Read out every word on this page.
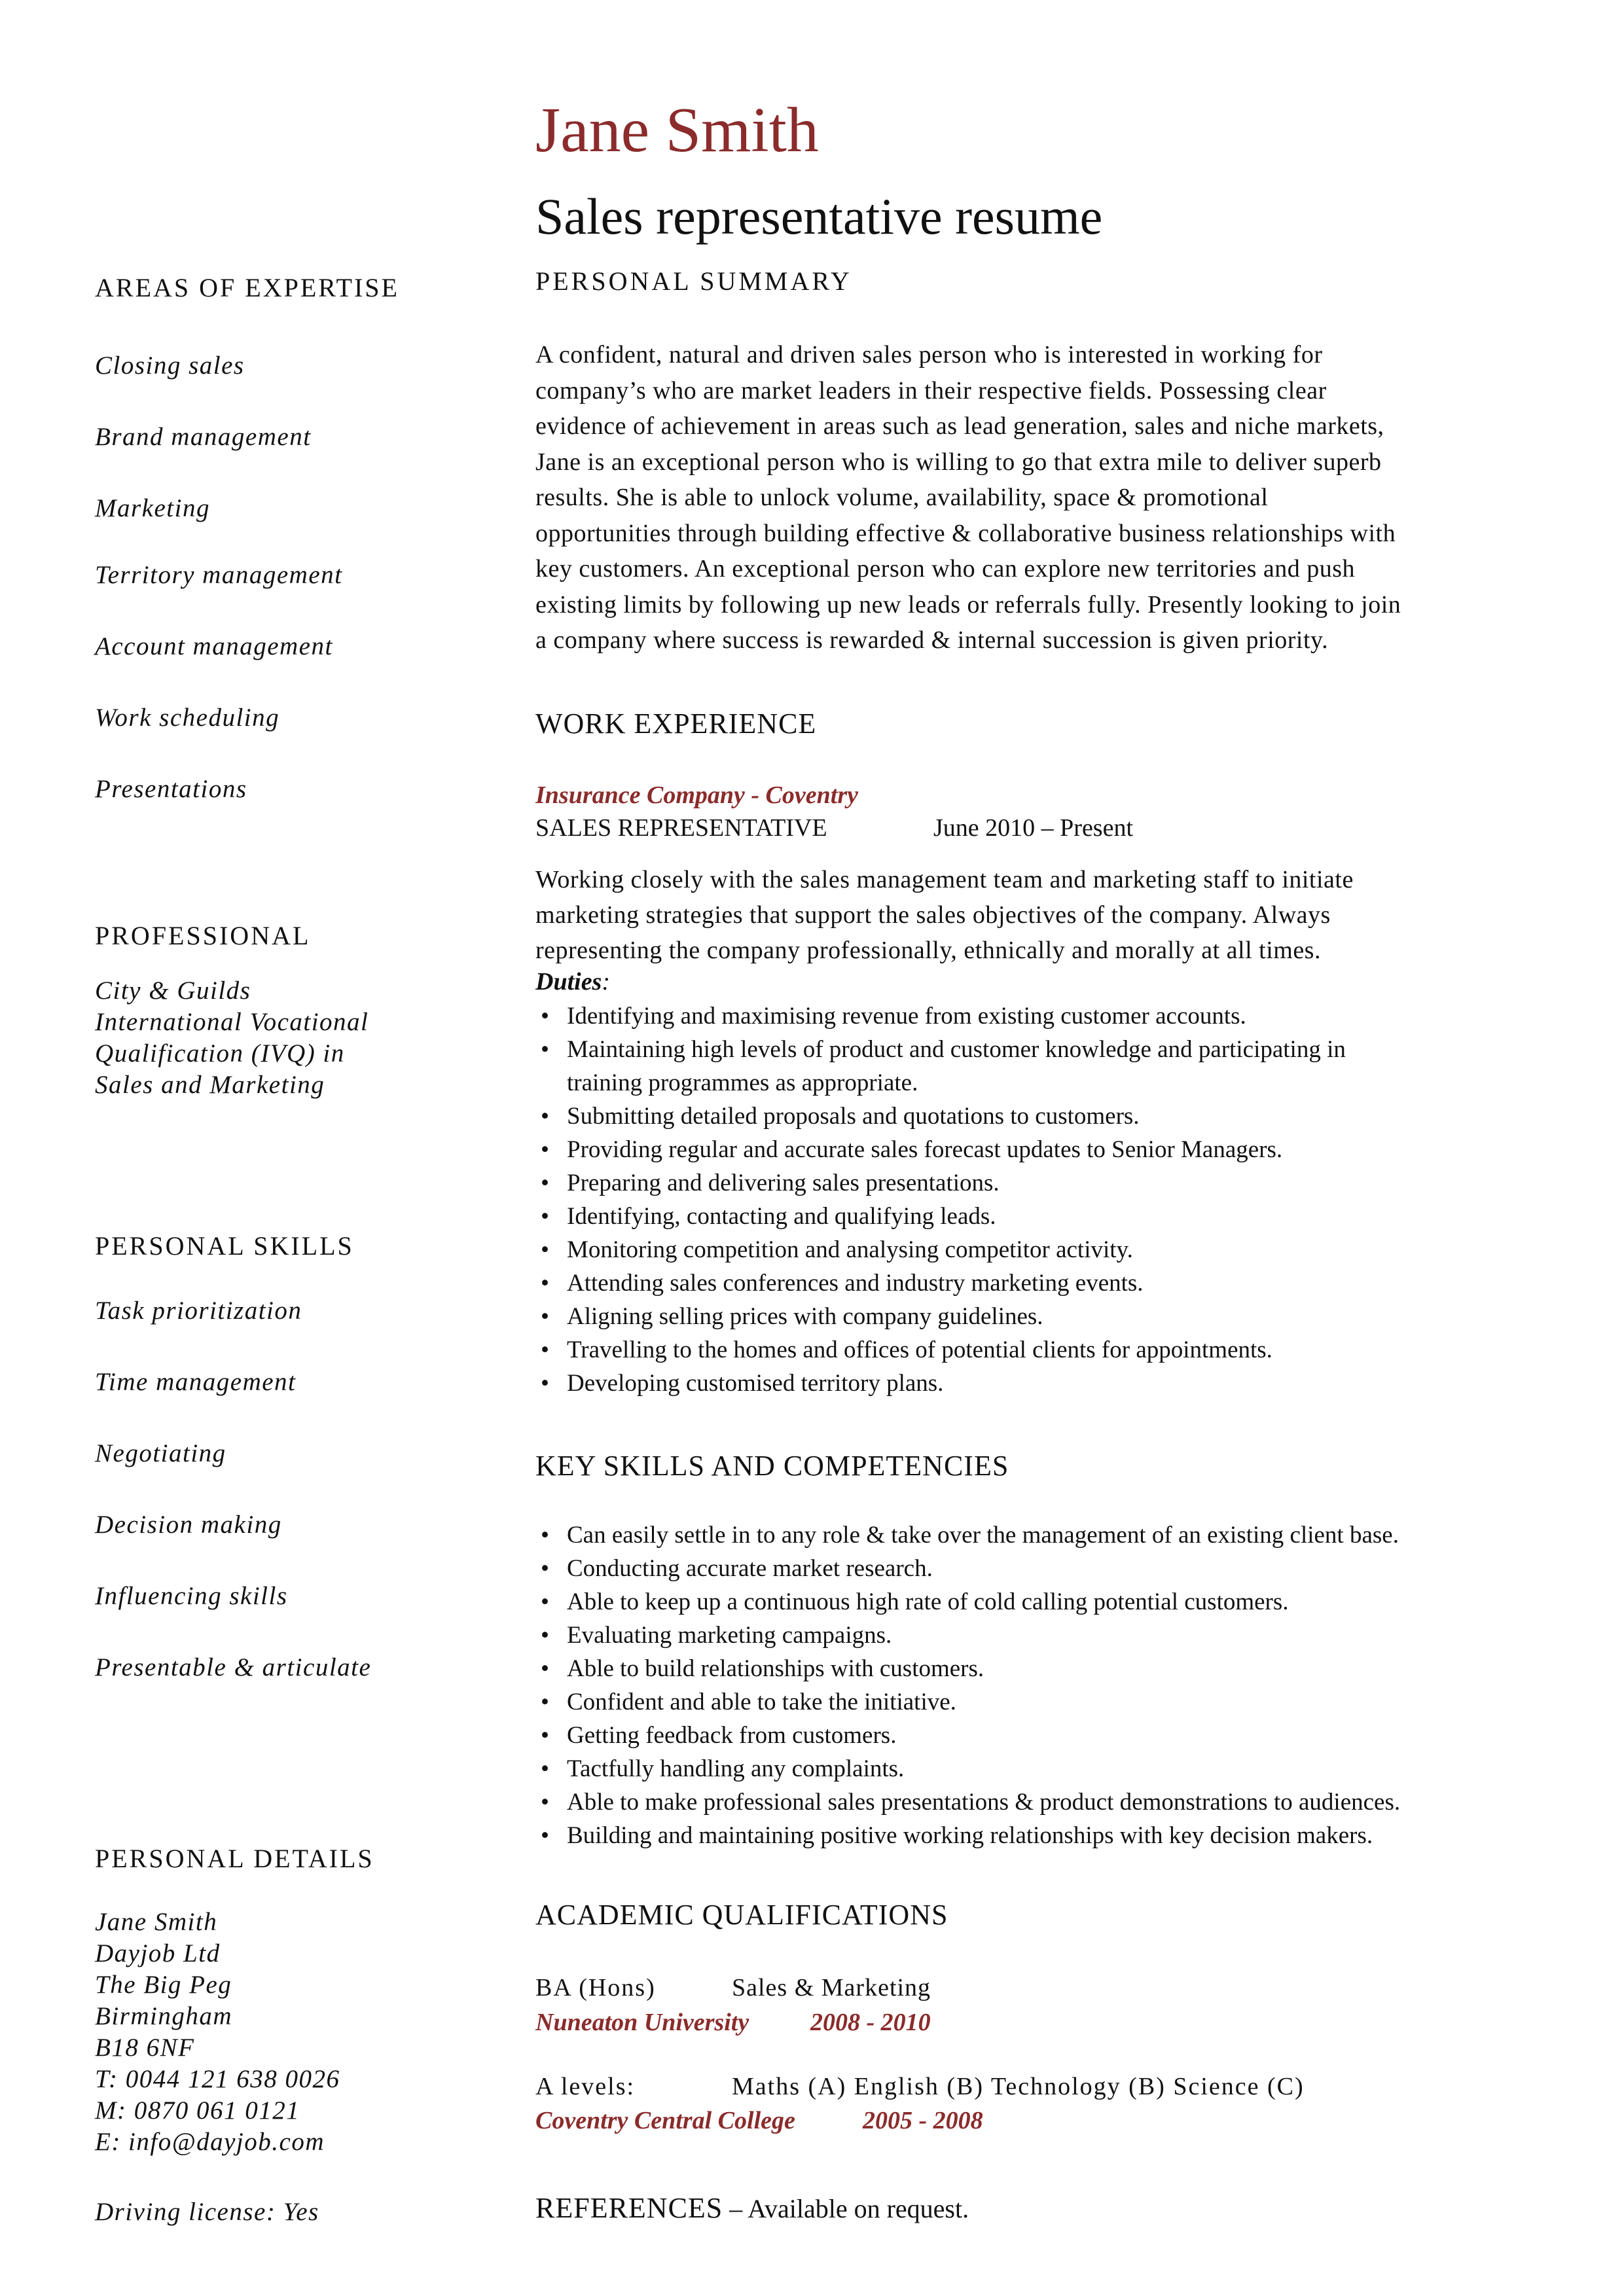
Jane Smith
Sales representative resume
AREAS OF EXPERTISE
Closing sales
Brand management
Marketing
Territory management
Account management
Work scheduling
Presentations
PROFESSIONAL
City & Guilds
International Vocational
Qualification (IVQ) in
Sales and Marketing
PERSONAL SKILLS
Task prioritization
Time management
Negotiating
Decision making
Influencing skills
Presentable & articulate
PERSONAL DETAILS
Jane Smith
Dayjob Ltd
The Big Peg
Birmingham
B18 6NF
T: 0044 121 638 0026
M: 0870 061 0121
E: info@dayjob.com
Driving license: Yes
PERSONAL SUMMARY
A confident, natural and driven sales person who is interested in working for
company’s who are market leaders in their respective fields. Possessing clear
evidence of achievement in areas such as lead generation, sales and niche markets,
Jane is an exceptional person who is willing to go that extra mile to deliver superb
results. She is able to unlock volume, availability, space & promotional
opportunities through building effective & collaborative business relationships with
key customers. An exceptional person who can explore new territories and push
existing limits by following up new leads or referrals fully. Presently looking to join
a company where success is rewarded & internal succession is given priority.
WORK EXPERIENCE
Insurance Company - Coventry
SALES REPRESENTATIVE	June 2010 – Present
Working closely with the sales management team and marketing staff to initiate
marketing strategies that support the sales objectives of the company. Always
representing the company professionally, ethnically and morally at all times.
Duties:
• Identifying and maximising revenue from existing customer accounts.
• Maintaining high levels of product and customer knowledge and participating in
training programmes as appropriate.
• Submitting detailed proposals and quotations to customers.
• Providing regular and accurate sales forecast updates to Senior Managers.
• Preparing and delivering sales presentations.
• Identifying, contacting and qualifying leads.
• Monitoring competition and analysing competitor activity.
• Attending sales conferences and industry marketing events.
• Aligning selling prices with company guidelines.
• Travelling to the homes and offices of potential clients for appointments.
• Developing customised territory plans.
KEY SKILLS AND COMPETENCIES
• Can easily settle in to any role & take over the management of an existing client base.
• Conducting accurate market research.
• Able to keep up a continuous high rate of cold calling potential customers.
• Evaluating marketing campaigns.
• Able to build relationships with customers.
• Confident and able to take the initiative.
• Getting feedback from customers.
• Tactfully handling any complaints.
• Able to make professional sales presentations & product demonstrations to audiences.
• Building and maintaining positive working relationships with key decision makers.
ACADEMIC QUALIFICATIONS
BA (Hons)	Sales & Marketing
Nuneaton University 2008 - 2010
A levels:	Maths (A) English (B) Technology (B) Science (C)
Coventry Central College	2005 - 2008
REFERENCES – Available on request.
